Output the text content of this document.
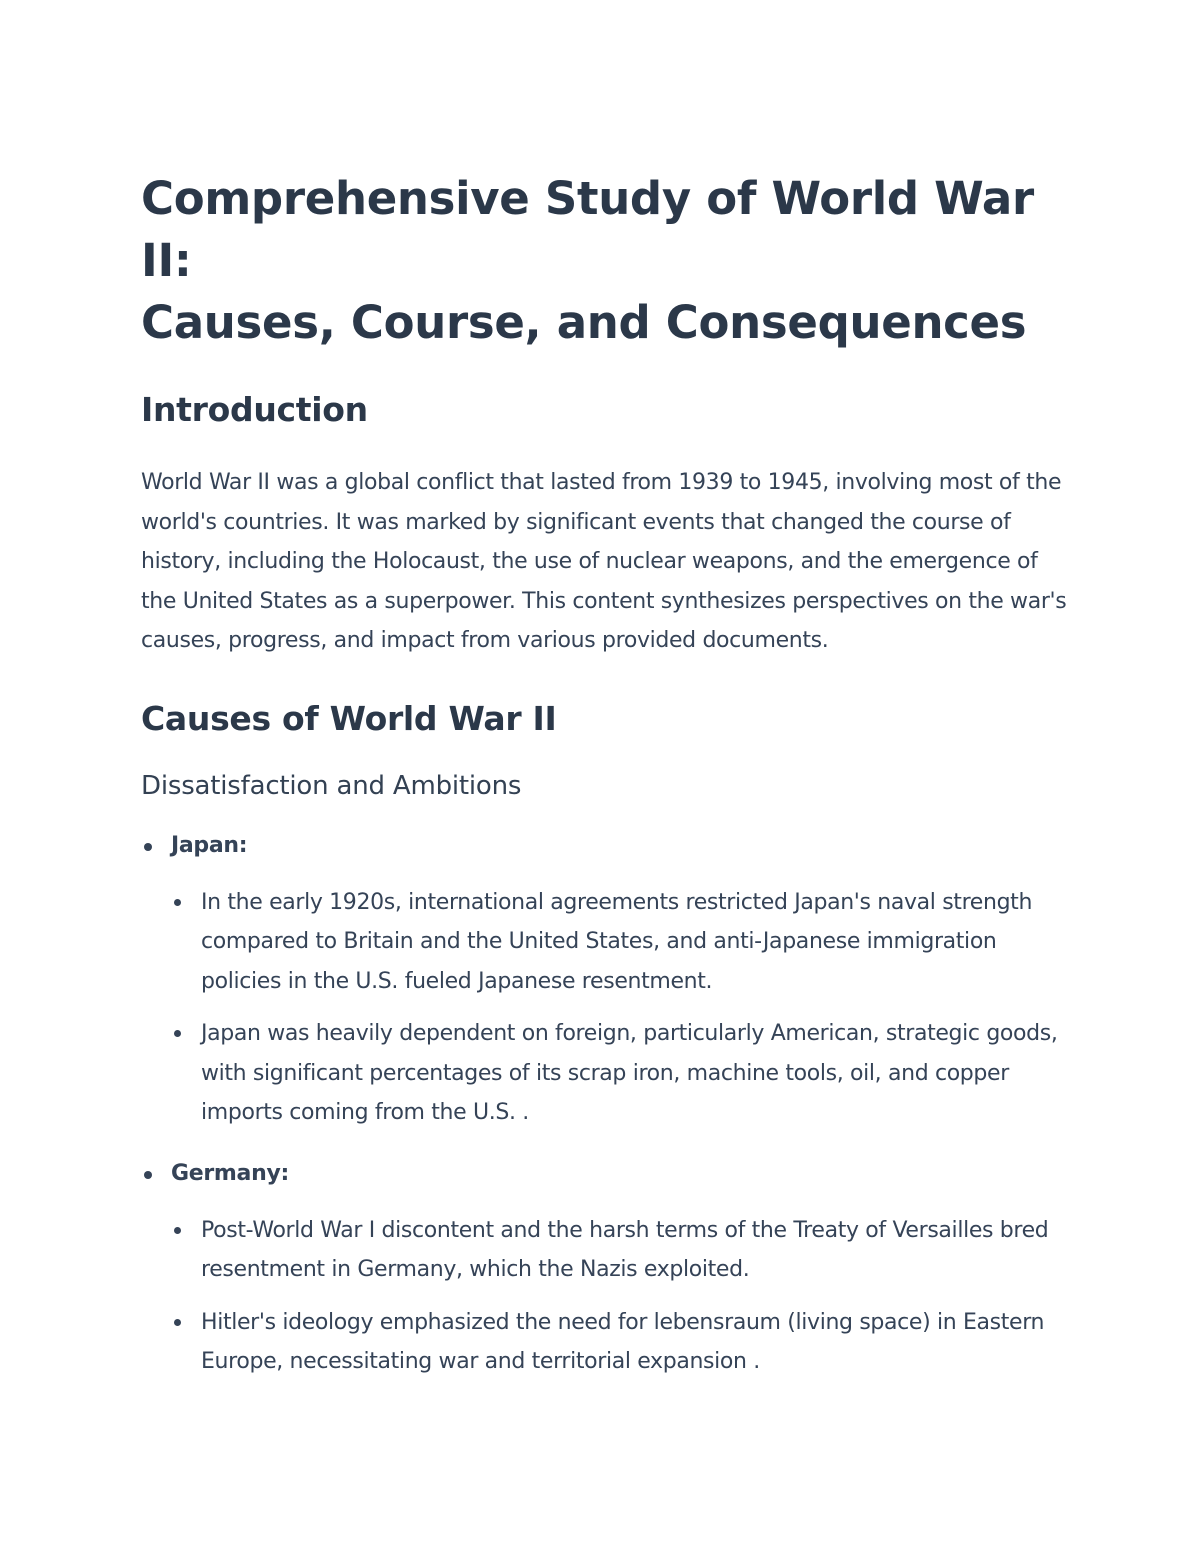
Comprehensive Study of World War II:
Causes, Course, and Consequences
Introduction

World War II was a global conflict that lasted from 1939 to 1945, involving most of the world's countries. It was marked by significant events that changed the course of history, including the Holocaust, the use of nuclear weapons, and the emergence of the United States as a superpower. This content synthesizes perspectives on the war's causes, progress, and impact from various provided documents.

Causes of World War II
Dissatisfaction and Ambitions
Japan:
In the early 1920s, international agreements restricted Japan's naval strength compared to Britain and the United States, and anti-Japanese immigration policies in the U.S. fueled Japanese resentment.
Japan was heavily dependent on foreign, particularly American, strategic goods, with significant percentages of its scrap iron, machine tools, oil, and copper imports coming from the U.S. .
Germany:
Post-World War I discontent and the harsh terms of the Treaty of Versailles bred resentment in Germany, which the Nazis exploited.
Hitler's ideology emphasized the need for lebensraum (living space) in Eastern Europe, necessitating war and territorial expansion .
